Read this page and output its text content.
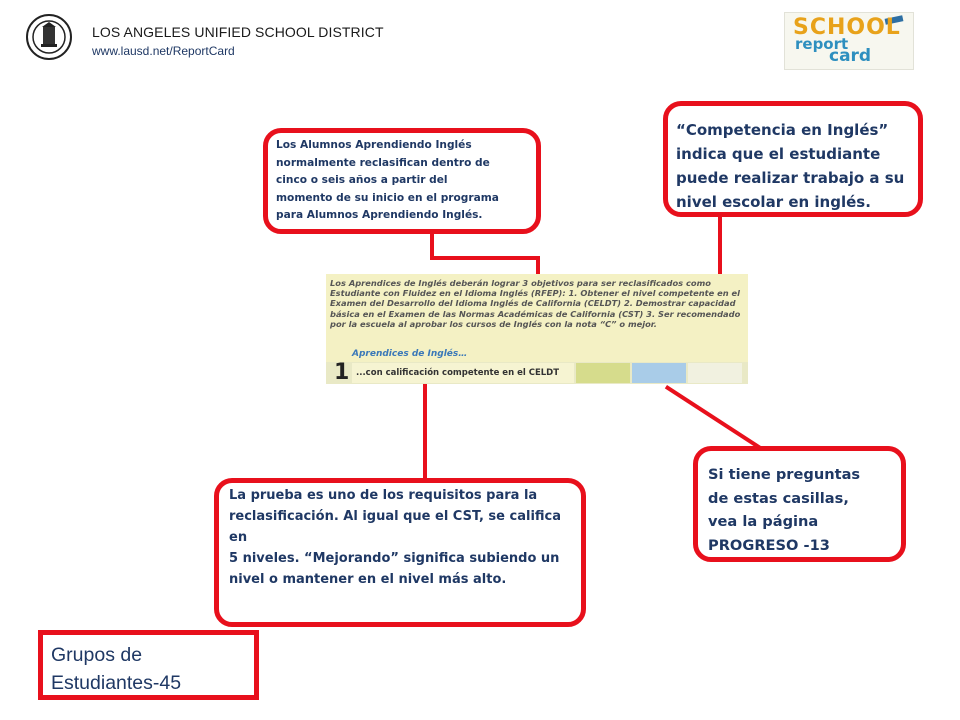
LOS ANGELES UNIFIED SCHOOL DISTRICT
www.lausd.net/ReportCard
SCHOOL
report
card
Los Aprendices de Inglés deberán lograr 3 objetivos para ser reclasificados como Estudiante con Fluidez en el Idioma Inglés (RFEP): 1. Obtener el nivel competente en el Examen del Desarrollo del Idioma Inglés de California (CELDT) 2. Demostrar capacidad básica en el Examen de las Normas Académicas de California (CST) 3. Ser recomendado por la escuela al aprobar los cursos de Inglés con la nota “C” o mejor.
Aprendices de Inglés…
1 ...con calificación competente en el CELDT
Los Alumnos Aprendiendo Inglés
normalmente reclasifican dentro de
cinco o seis años a partir del
momento de su inicio en el programa
para Alumnos Aprendiendo Inglés.
“Competencia en Inglés”
indica que el estudiante
puede realizar trabajo a su
nivel escolar en inglés.
La prueba es uno de los requisitos para la
reclasificación. Al igual que el CST, se califica en
5 niveles. “Mejorando” significa subiendo un
nivel o mantener en el nivel más alto.
Si tiene preguntas
de estas casillas,
vea la página
PROGRESO -13
Grupos de
Estudiantes-45
